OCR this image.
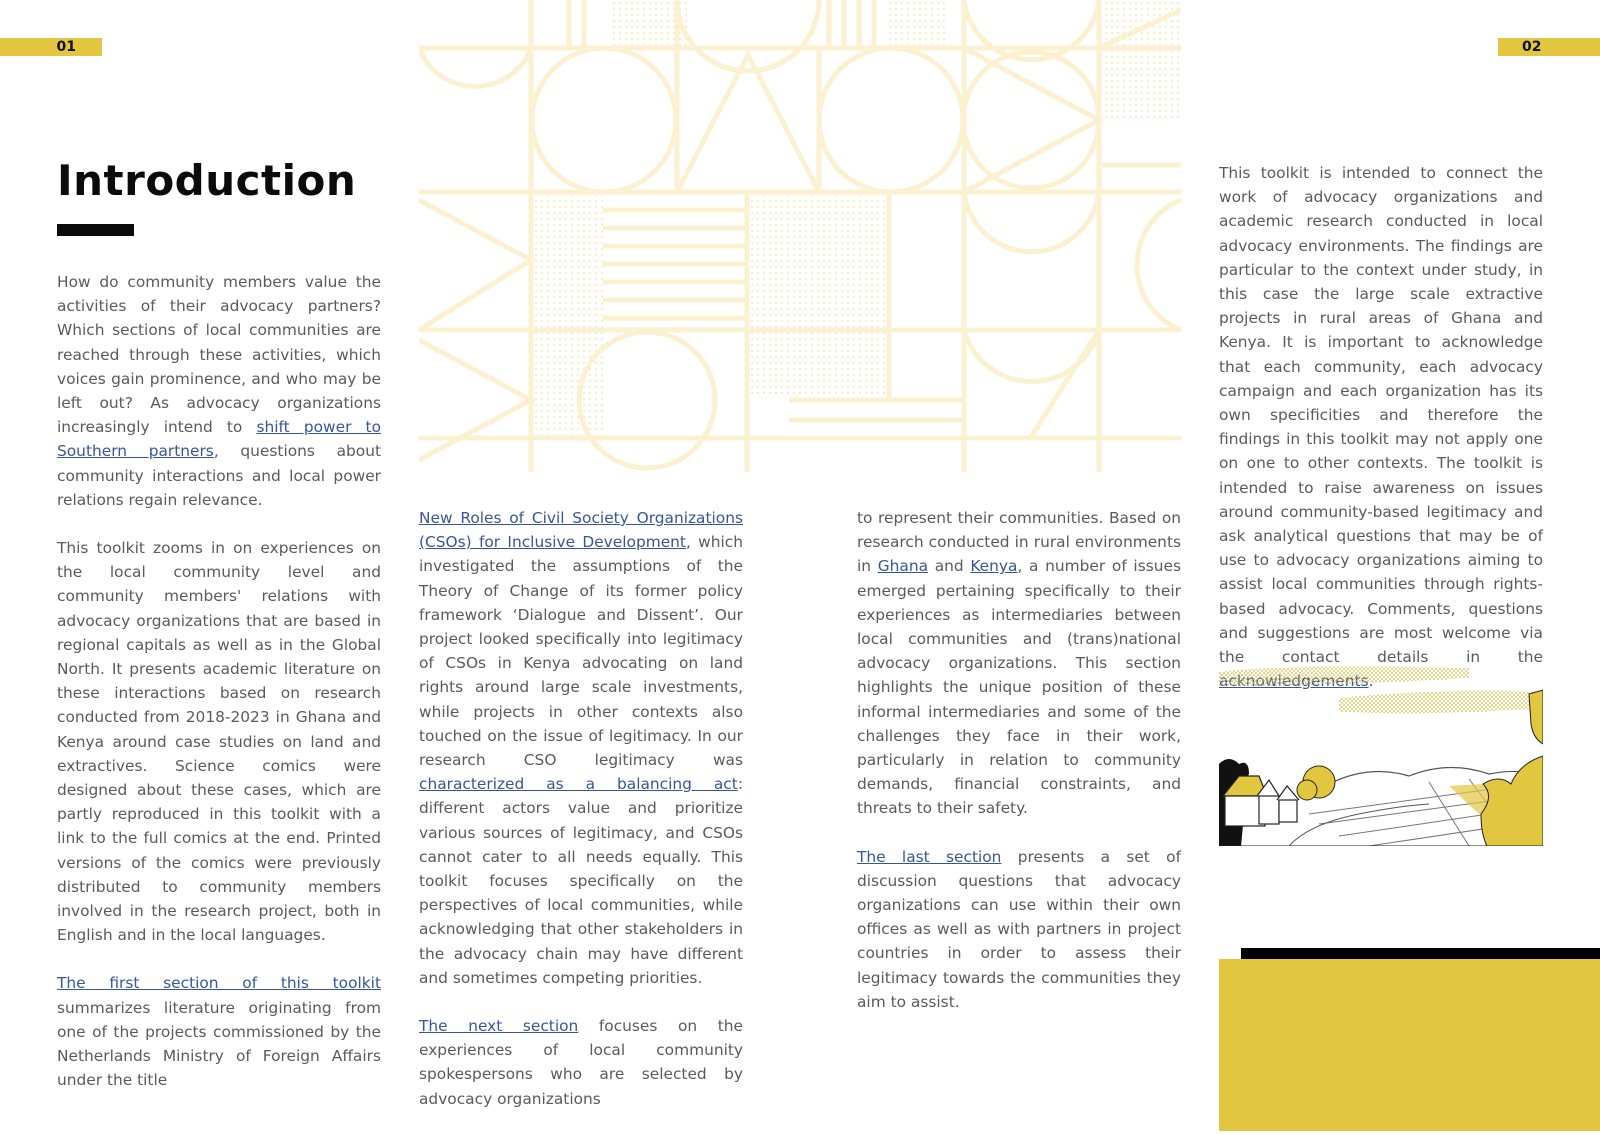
01	02
Introduction

How do community members value the activities of their advocacy partners? Which sections of local communities are reached through these activities, which voices gain prominence, and who may be left out? As advocacy organizations increasingly intend to shift power to Southern partners, questions about community interactions and local power relations regain relevance.

This toolkit zooms in on experiences on the local community level and community members' relations with advocacy organizations that are based in regional capitals as well as in the Global North. It presents academic literature on these interactions based on research conducted from 2018-2023 in Ghana and Kenya around case studies on land and extractives. Science comics were designed about these cases, which are partly reproduced in this toolkit with a link to the full comics at the end. Printed versions of the comics were previously distributed to community members involved in the research project, both in English and in the local languages.

The first section of this toolkit summarizes literature originating from one of the projects commissioned by the Netherlands Ministry of Foreign Affairs under the title

New Roles of Civil Society Organizations (CSOs) for Inclusive Development, which investigated the assumptions of the Theory of Change of its former policy framework ‘Dialogue and Dissent’. Our project looked specifically into legitimacy of CSOs in Kenya advocating on land rights around large scale investments, while projects in other contexts also touched on the issue of legitimacy. In our research CSO legitimacy was characterized as a balancing act: different actors value and prioritize various sources of legitimacy, and CSOs cannot cater to all needs equally. This toolkit focuses specifically on the perspectives of local communities, while acknowledging that other stakeholders in the advocacy chain may have different and sometimes competing priorities.

The next section focuses on the experiences of local community spokespersons who are selected by advocacy organizations

to represent their communities. Based on research conducted in rural environments in Ghana and Kenya, a number of issues emerged pertaining specifically to their experiences as intermediaries between local communities and (trans)national advocacy organizations. This section highlights the unique position of these informal intermediaries and some of the challenges they face in their work, particularly in relation to community demands, financial constraints, and threats to their safety.

The last section presents a set of discussion questions that advocacy organizations can use within their own offices as well as with partners in project countries in order to assess their legitimacy towards the communities they aim to assist.

This toolkit is intended to connect the work of advocacy organizations and academic research conducted in local advocacy environments. The findings are particular to the context under study, in this case the large scale extractive projects in rural areas of Ghana and Kenya. It is important to acknowledge that each community, each advocacy campaign and each organization has its own specificities and therefore the findings in this toolkit may not apply one on one to other contexts. The toolkit is intended to raise awareness on issues around community-based legitimacy and ask analytical questions that may be of use to advocacy organizations aiming to assist local communities through rights-based advocacy. Comments, questions and suggestions are most welcome via the contact details in the
